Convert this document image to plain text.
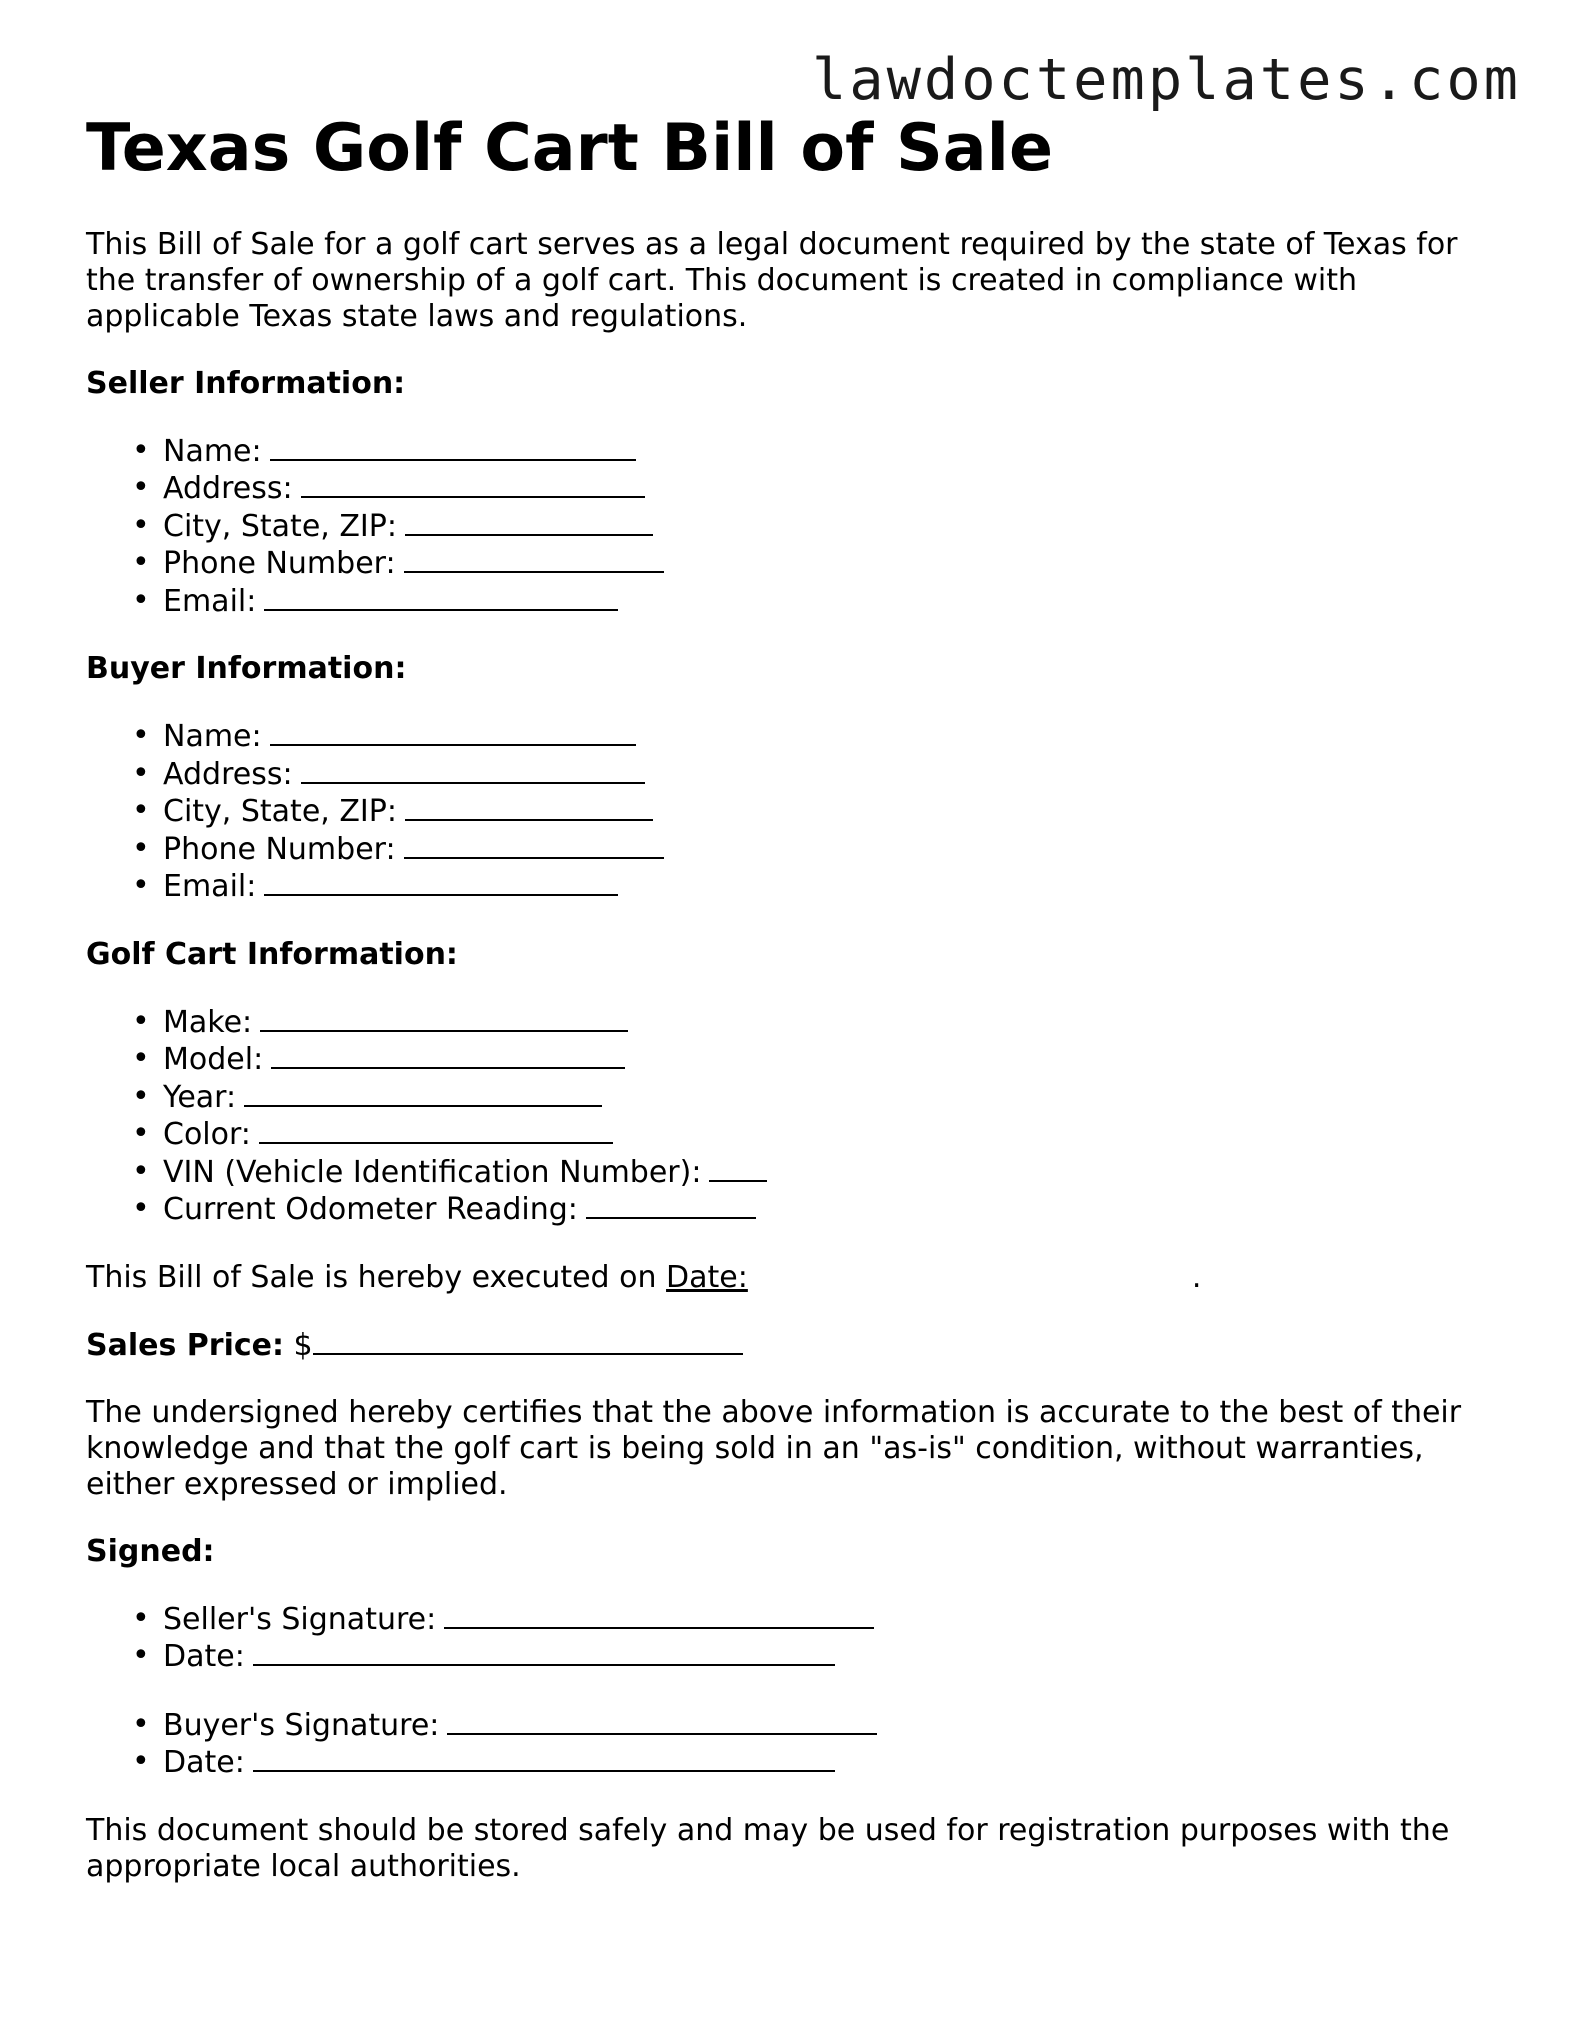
lawdoctemplates.com
Texas Golf Cart Bill of Sale

This Bill of Sale for a golf cart serves as a legal document required by the state of Texas for the transfer of ownership of a golf cart. This document is created in compliance with applicable Texas state laws and regulations.

Seller Information:

• Name:
• Address:
• City, State, ZIP:
• Phone Number:
• Email:

Buyer Information:

• Name:
• Address:
• City, State, ZIP:
• Phone Number:
• Email:

Golf Cart Information:

• Make:
• Model:
• Year:
• Color:
• VIN (Vehicle Identification Number):
• Current Odometer Reading:

This Bill of Sale is hereby executed on Date:	.

Sales Price: $

The undersigned hereby certifies that the above information is accurate to the best of their knowledge and that the golf cart is being sold in an "as-is" condition, without warranties, either expressed or implied.

Signed:

• Seller's Signature:
• Date:
• Buyer's Signature:
• Date:

This document should be stored safely and may be used for registration purposes with the appropriate local authorities.
